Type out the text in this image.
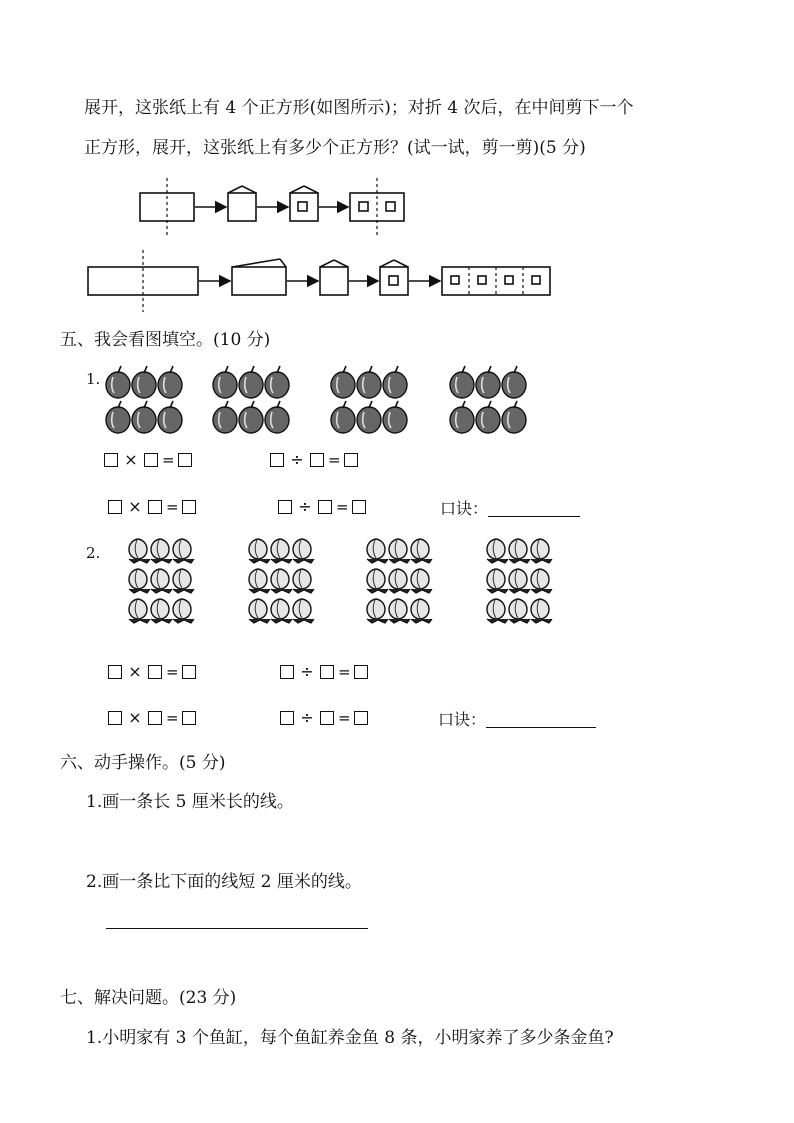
展开，这张纸上有 4 个正方形(如图所示)；对折 4 次后，在中间剪下一个
正方形，展开，这张纸上有多少个正方形？(试一试，剪一剪)(5 分)
五、我会看图填空。(10 分)
1.
× =	÷ =
× =	÷ =	口诀：
2.
× =	÷ =
× =	÷ =	口诀：
六、动手操作。(5 分)
1.画一条长 5 厘米长的线。
2.画一条比下面的线短 2 厘米的线。
七、解决问题。(23 分)
1.小明家有 3 个鱼缸，每个鱼缸养金鱼 8 条，小明家养了多少条金鱼?
